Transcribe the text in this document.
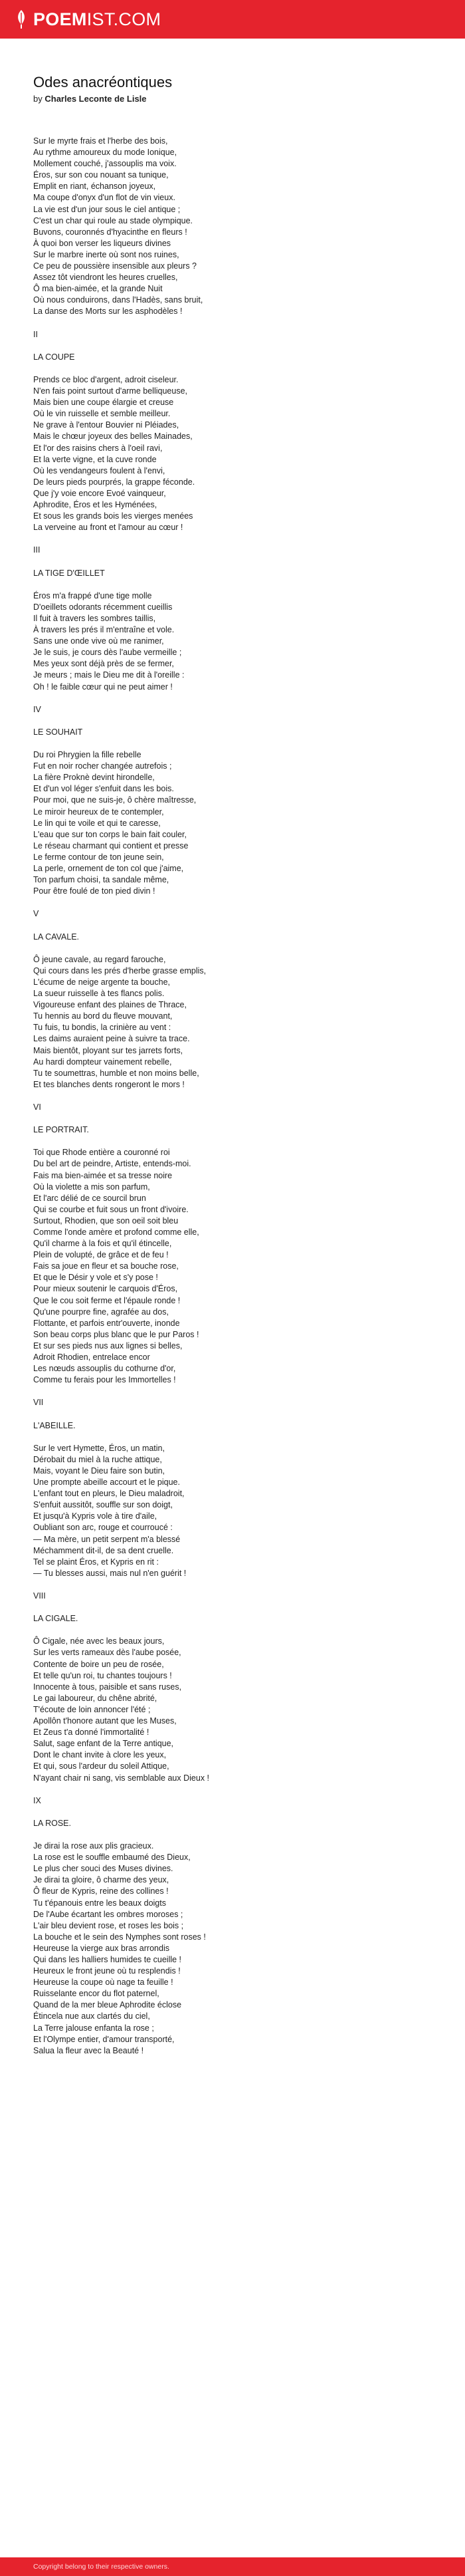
POEMIST.COM
Odes anacréontiques
by Charles Leconte de Lisle
Sur le myrte frais et l'herbe des bois,
Au rythme amoureux du mode Ionique,
Mollement couché, j'assouplis ma voix.
Éros, sur son cou nouant sa tunique,
Emplit en riant, échanson joyeux,
Ma coupe d'onyx d'un flot de vin vieux.
La vie est d'un jour sous le ciel antique ;
C'est un char qui roule au stade olympique.
Buvons, couronnés d'hyacinthe en fleurs !
À quoi bon verser les liqueurs divines
Sur le marbre inerte où sont nos ruines,
Ce peu de poussière insensible aux pleurs ?
Assez tôt viendront les heures cruelles,
Ô ma bien-aimée, et la grande Nuit
Où nous conduirons, dans l'Hadès, sans bruit,
La danse des Morts sur les asphodèles !
II
LA COUPE
Prends ce bloc d'argent, adroit ciseleur.
N'en fais point surtout d'arme belliqueuse,
Mais bien une coupe élargie et creuse
Où le vin ruisselle et semble meilleur.
Ne grave à l'entour Bouvier ni Pléiades,
Mais le chœur joyeux des belles Mainades,
Et l'or des raisins chers à l'oeil ravi,
Et la verte vigne, et la cuve ronde
Où les vendangeurs foulent à l'envi,
De leurs pieds pourprés, la grappe féconde.
Que j'y voie encore Evoé vainqueur,
Aphrodite, Éros et les Hyménées,
Et sous les grands bois les vierges menées
La verveine au front et l'amour au cœur !
III
LA TIGE D'ŒILLET
Éros m'a frappé d'une tige molle
D'oeillets odorants récemment cueillis
Il fuit à travers les sombres taillis,
À travers les prés il m'entraîne et vole.
Sans une onde vive où me ranimer,
Je le suis, je cours dès l'aube vermeille ;
Mes yeux sont déjà près de se fermer,
Je meurs ; mais le Dieu me dit à l'oreille :
Oh ! le faible cœur qui ne peut aimer !
IV
LE SOUHAIT
Du roi Phrygien la fille rebelle
Fut en noir rocher changée autrefois ;
La fière Proknè devint hirondelle,
Et d'un vol léger s'enfuit dans les bois.
Pour moi, que ne suis-je, ô chère maîtresse,
Le miroir heureux de te contempler,
Le lin qui te voile et qui te caresse,
L'eau que sur ton corps le bain fait couler,
Le réseau charmant qui contient et presse
Le ferme contour de ton jeune sein,
La perle, ornement de ton col que j'aime,
Ton parfum choisi, ta sandale même,
Pour être foulé de ton pied divin !
V
LA CAVALE.
Ô jeune cavale, au regard farouche,
Qui cours dans les prés d'herbe grasse emplis,
L'écume de neige argente ta bouche,
La sueur ruisselle à tes flancs polis.
Vigoureuse enfant des plaines de Thrace,
Tu hennis au bord du fleuve mouvant,
Tu fuis, tu bondis, la crinière au vent :
Les daims auraient peine à suivre ta trace.
Mais bientôt, ployant sur tes jarrets forts,
Au hardi dompteur vainement rebelle,
Tu te soumettras, humble et non moins belle,
Et tes blanches dents rongeront le mors !
VI
LE PORTRAIT.
Toi que Rhode entière a couronné roi
Du bel art de peindre, Artiste, entends-moi.
Fais ma bien-aimée et sa tresse noire
Où la violette a mis son parfum,
Et l'arc délié de ce sourcil brun
Qui se courbe et fuit sous un front d'ivoire.
Surtout, Rhodien, que son oeil soit bleu
Comme l'onde amère et profond comme elle,
Qu'il charme à la fois et qu'il étincelle,
Plein de volupté, de grâce et de feu !
Fais sa joue en fleur et sa bouche rose,
Et que le Désir y vole et s'y pose !
Pour mieux soutenir le carquois d'Éros,
Que le cou soit ferme et l'épaule ronde !
Qu'une pourpre fine, agrafée au dos,
Flottante, et parfois entr'ouverte, inonde
Son beau corps plus blanc que le pur Paros !
Et sur ses pieds nus aux lignes si belles,
Adroit Rhodien, entrelace encor
Les nœuds assouplis du cothurne d'or,
Comme tu ferais pour les Immortelles !
VII
L'ABEILLE.
Sur le vert Hymette, Éros, un matin,
Dérobait du miel à la ruche attique,
Mais, voyant le Dieu faire son butin,
Une prompte abeille accourt et le pique.
L'enfant tout en pleurs, le Dieu maladroit,
S'enfuit aussitôt, souffle sur son doigt,
Et jusqu'à Kypris vole à tire d'aile,
Oubliant son arc, rouge et courroucé :
— Ma mère, un petit serpent m'a blessé
Méchamment dit-il, de sa dent cruelle.
Tel se plaint Éros, et Kypris en rit :
— Tu blesses aussi, mais nul n'en guérit !
VIII
LA CIGALE.
Ô Cigale, née avec les beaux jours,
Sur les verts rameaux dès l'aube posée,
Contente de boire un peu de rosée,
Et telle qu'un roi, tu chantes toujours !
Innocente à tous, paisible et sans ruses,
Le gai laboureur, du chêne abrité,
T'écoute de loin annoncer l'été ;
Apollôn t'honore autant que les Muses,
Et Zeus t'a donné l'immortalité !
Salut, sage enfant de la Terre antique,
Dont le chant invite à clore les yeux,
Et qui, sous l'ardeur du soleil Attique,
N'ayant chair ni sang, vis semblable aux Dieux !
IX
LA ROSE.
Je dirai la rose aux plis gracieux.
La rose est le souffle embaumé des Dieux,
Le plus cher souci des Muses divines.
Je dirai ta gloire, ô charme des yeux,
Ô fleur de Kypris, reine des collines !
Tu t'épanouis entre les beaux doigts
De l'Aube écartant les ombres moroses ;
L'air bleu devient rose, et roses les bois ;
La bouche et le sein des Nymphes sont roses !
Heureuse la vierge aux bras arrondis
Qui dans les halliers humides te cueille !
Heureux le front jeune où tu resplendis !
Heureuse la coupe où nage ta feuille !
Ruisselante encor du flot paternel,
Quand de la mer bleue Aphrodite éclose
Étincela nue aux clartés du ciel,
La Terre jalouse enfanta la rose ;
Et l'Olympe entier, d'amour transporté,
Salua la fleur avec la Beauté !
Copyright belong to their respective owners.
